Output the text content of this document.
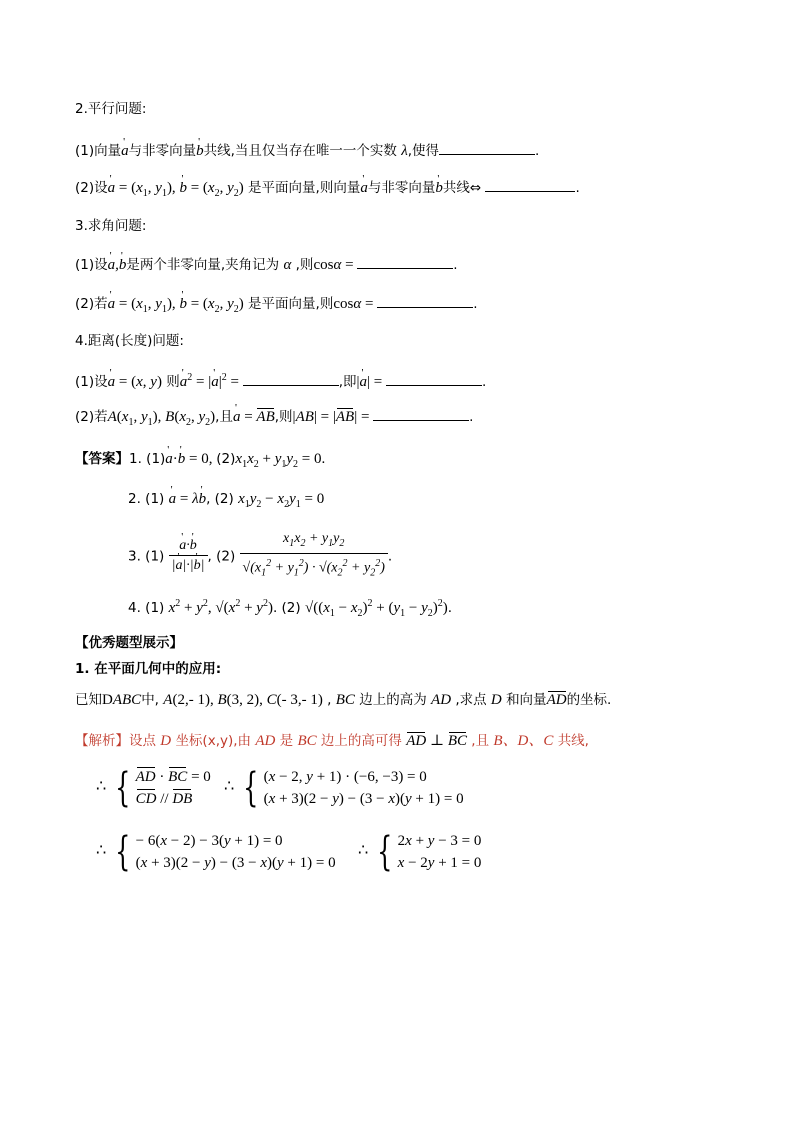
2.平行问题:
(1)向量' a与非零向量' b共线,当且仅当存在唯一一个实数 λ,使得	.
(2)设' $a = (x_1$, $y_1$), ' $b = (x_2$, $y_2$) 是平面向量,则向量' a与非零向量' b共线⇔	.
3.求角问题:
(1)设' a,' b是两个非零向量,夹角记为 α ,则cosα =	.
(2)若' $a = (x_1$, $y_1$), ' $b = (x_2$, $y_2$) 是平面向量,则cosα =	.
4.距离(长度)问题:
(1)设' a = (x, y) 则' $a^2$ = |' $a|^2$ =	,即|' a| =	.
(2)若$A(x_1$, $y_1$), $B(x_2$, $y_2$),且' a = AB,则|AB| = |AB| =	.
【答案】1. (1)' a·' b = 0, $(2)x_1x_2 + y_1y_2 = 0$.
2. (1) ' a = λ' b, (2) $x_1y_2 - x_2y_1 = 0$
3. (1) ' $\frac{a\cdot' b}{|' a|\cdot|' b|}$ , $(2) \frac{x_1x_2 + y_1y_2}{√(x_1^2 + y_1^2) \cdot √(x_2^2 + y_2^2)}$ .
4. (1) $x^2 + y^2$, $√(x^2 + y^2)$. (2) $√((x_1 - x_2)^2 + (y_1 - y_2)^2)$.
【优秀题型展示】
1. 在平面几何中的应用:
已知DABC中, A(2,- 1), B(3, 2), C(- 3,- 1) , BC 边上的高为 AD ,求点 D 和向量AD的坐标.
【解析】设点 D 坐标(x,y),由 AD 是 BC 边上的高可得 AD ⊥ BC ,且 B、D、C 共线,
∴ { AD · BC = 0
CD // DB
∴ { (x − 2, y + 1) · (−6, −3) = 0
(x + 3)(2 − y) − (3 − x)(y + 1) = 0
∴ { − 6(x − 2) − 3(y + 1) = 0
(x + 3)(2 − y) − (3 − x)(y + 1) = 0
∴ { 2x + y − 3 = 0
x − 2y + 1 = 0
